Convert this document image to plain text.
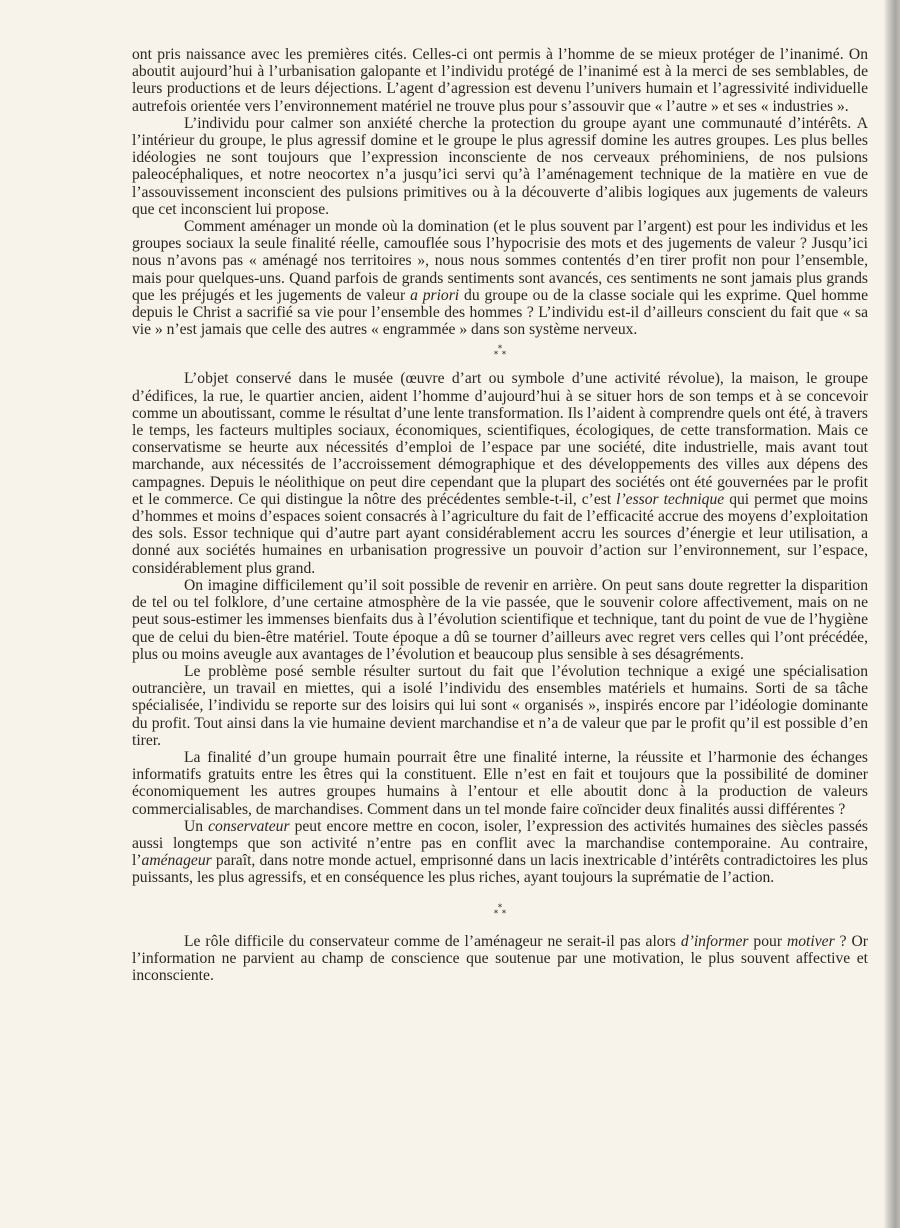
ont pris naissance avec les premières cités. Celles-ci ont permis à l’homme de se mieux protéger de l’inanimé. On aboutit aujourd’hui à l’urbanisation galopante et l’individu protégé de l’inanimé est à la merci de ses semblables, de leurs productions et de leurs déjections. L’agent d’agression est devenu l’univers humain et l’agressivité individuelle autrefois orientée vers l’environnement matériel ne trouve plus pour s’assouvir que « l’autre » et ses « industries ».

L’individu pour calmer son anxiété cherche la protection du groupe ayant une communauté d’intérêts. A l’intérieur du groupe, le plus agressif domine et le groupe le plus agressif domine les autres groupes. Les plus belles idéologies ne sont toujours que l’expression inconsciente de nos cerveaux préhominiens, de nos pulsions paleocéphaliques, et notre neocortex n’a jusqu’ici servi qu’à l’aménagement technique de la matière en vue de l’assouvissement inconscient des pulsions primitives ou à la découverte d’alibis logiques aux jugements de valeurs que cet inconscient lui propose.

Comment aménager un monde où la domination (et le plus souvent par l’argent) est pour les individus et les groupes sociaux la seule finalité réelle, camouflée sous l’hypocrisie des mots et des jugements de valeur ? Jusqu’ici nous n’avons pas « aménagé nos territoires », nous nous sommes contentés d’en tirer profit non pour l’ensemble, mais pour quelques-uns. Quand parfois de grands sentiments sont avancés, ces sentiments ne sont jamais plus grands que les préjugés et les jugements de valeur a priori du groupe ou de la classe sociale qui les exprime. Quel homme depuis le Christ a sacrifié sa vie pour l’ensemble des hommes ? L’individu est-il d’ailleurs conscient du fait que « sa vie » n’est jamais que celle des autres « engrammée » dans son système nerveux.

*
* *

L’objet conservé dans le musée (œuvre d’art ou symbole d’une activité révolue), la maison, le groupe d’édifices, la rue, le quartier ancien, aident l’homme d’aujourd’hui à se situer hors de son temps et à se concevoir comme un aboutissant, comme le résultat d’une lente transformation. Ils l’aident à comprendre quels ont été, à travers le temps, les facteurs multiples sociaux, économiques, scientifiques, écologiques, de cette transformation. Mais ce conservatisme se heurte aux nécessités d’emploi de l’espace par une société, dite industrielle, mais avant tout marchande, aux nécessités de l’accroissement démographique et des développements des villes aux dépens des campagnes. Depuis le néolithique on peut dire cependant que la plupart des sociétés ont été gouvernées par le profit et le commerce. Ce qui distingue la nôtre des précédentes semble-t-il, c’est l’essor technique qui permet que moins d’hommes et moins d’espaces soient consacrés à l’agriculture du fait de l’efficacité accrue des moyens d’exploitation des sols. Essor technique qui d’autre part ayant considérablement accru les sources d’énergie et leur utilisation, a donné aux sociétés humaines en urbanisation progressive un pouvoir d’action sur l’environnement, sur l’espace, considérablement plus grand.

On imagine difficilement qu’il soit possible de revenir en arrière. On peut sans doute regretter la disparition de tel ou tel folklore, d’une certaine atmosphère de la vie passée, que le souvenir colore affectivement, mais on ne peut sous-estimer les immenses bienfaits dus à l’évolution scientifique et technique, tant du point de vue de l’hygiène que de celui du bien-être matériel. Toute époque a dû se tourner d’ailleurs avec regret vers celles qui l’ont précédée, plus ou moins aveugle aux avantages de l’évolution et beaucoup plus sensible à ses désagréments.

Le problème posé semble résulter surtout du fait que l’évolution technique a exigé une spécialisation outrancière, un travail en miettes, qui a isolé l’individu des ensembles matériels et humains. Sorti de sa tâche spécialisée, l’individu se reporte sur des loisirs qui lui sont « organisés », inspirés encore par l’idéologie dominante du profit. Tout ainsi dans la vie humaine devient marchandise et n’a de valeur que par le profit qu’il est possible d’en tirer.

La finalité d’un groupe humain pourrait être une finalité interne, la réussite et l’harmonie des échanges informatifs gratuits entre les êtres qui la constituent. Elle n’est en fait et toujours que la possibilité de dominer économiquement les autres groupes humains à l’entour et elle aboutit donc à la production de valeurs commercialisables, de marchandises. Comment dans un tel monde faire coïncider deux finalités aussi différentes ?

Un conservateur peut encore mettre en cocon, isoler, l’expression des activités humaines des siècles passés aussi longtemps que son activité n’entre pas en conflit avec la marchandise contemporaine. Au contraire, l’aménageur paraît, dans notre monde actuel, emprisonné dans un lacis inextricable d’intérêts contradictoires les plus puissants, les plus agressifs, et en conséquence les plus riches, ayant toujours la suprématie de l’action.

*
* *

Le rôle difficile du conservateur comme de l’aménageur ne serait-il pas alors d’informer pour motiver ? Or l’information ne parvient au champ de conscience que soutenue par une motivation, le plus souvent affective et inconsciente.
